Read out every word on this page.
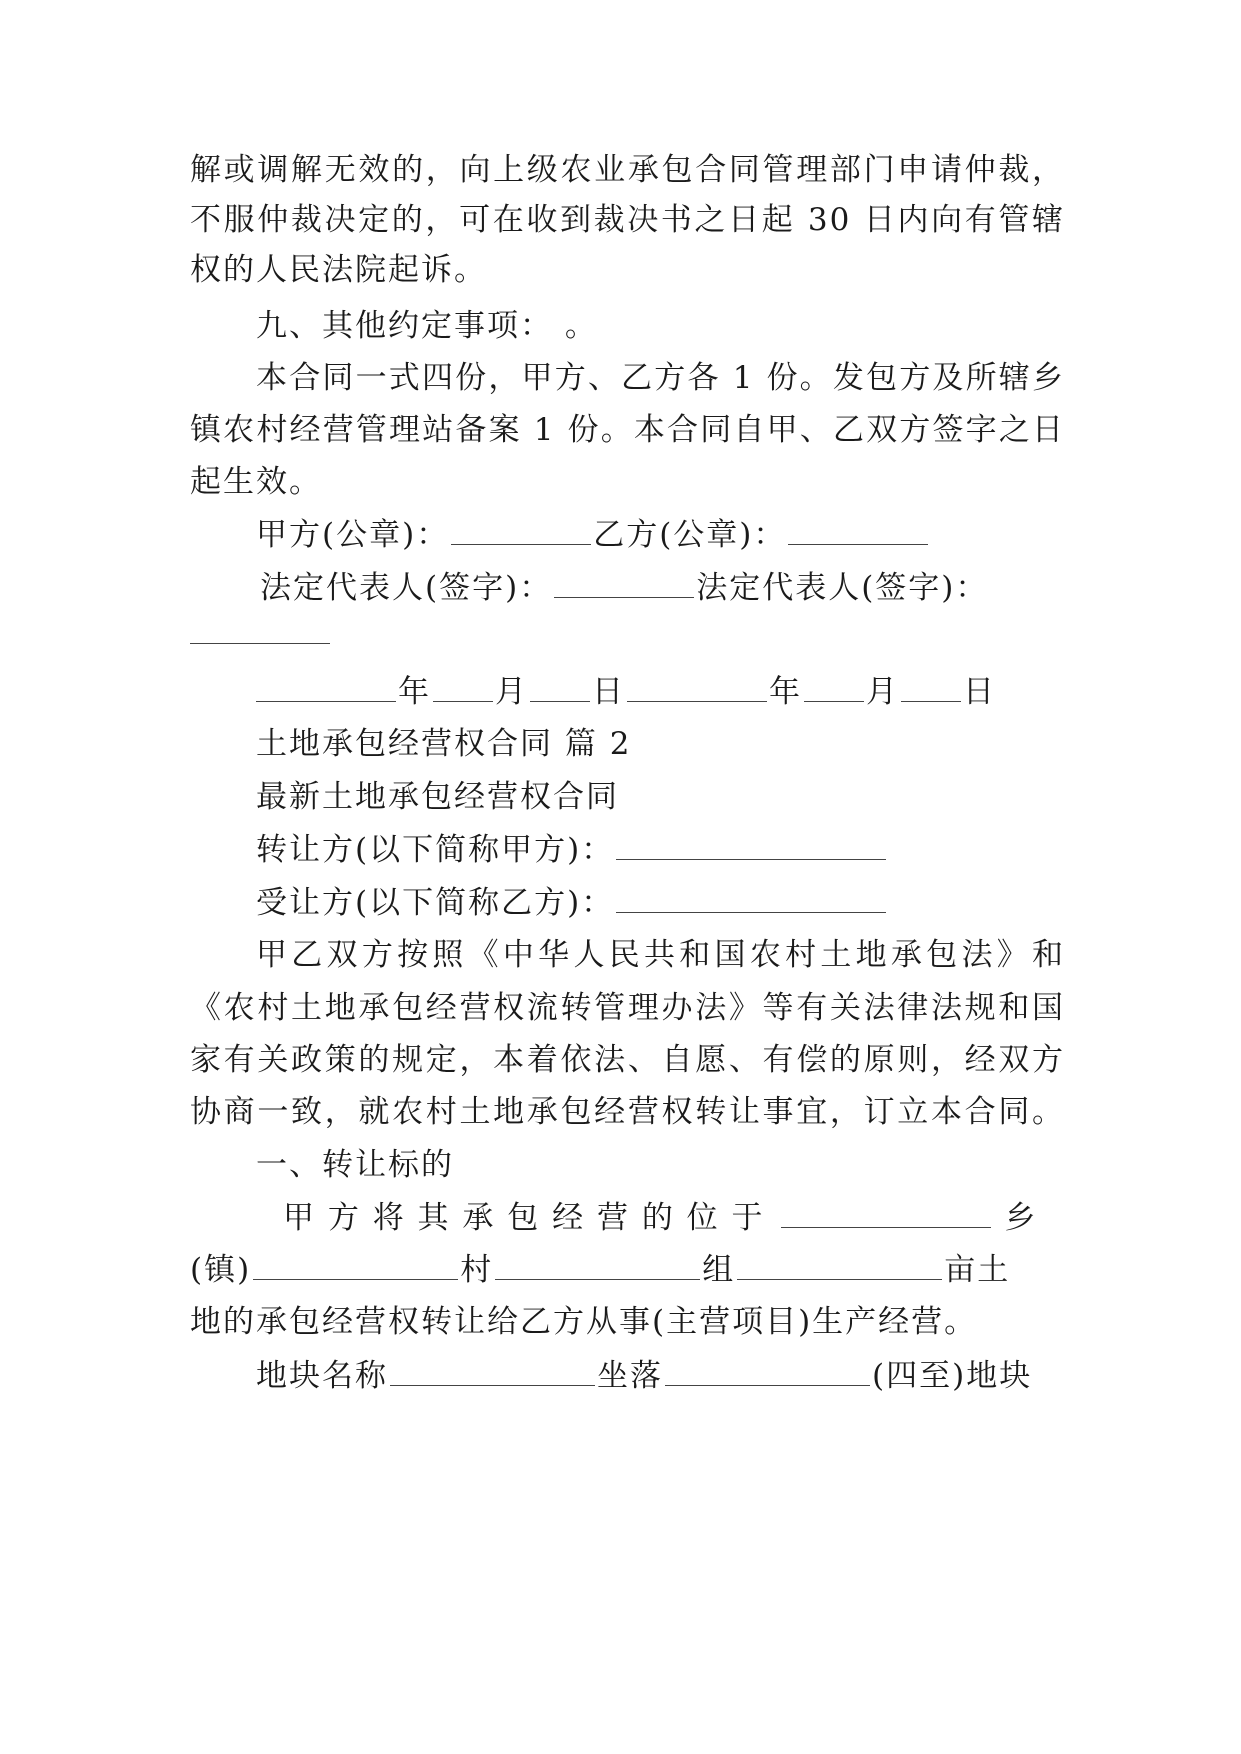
解或调解无效的，向上级农业承包合同管理部门申请仲裁，
不服仲裁决定的，可在收到裁决书之日起 30 日内向有管辖
权的人民法院起诉。
九、其他约定事项： 。
本合同一式四份，甲方、乙方各 1 份。发包方及所辖乡
镇农村经营管理站备案 1 份。本合同自甲、乙双方签字之日
起生效。
甲方(公章)：	乙方(公章)：
法定代表人(签字)：	法定代表人(签字)：
年 月 日	年 月 日
土地承包经营权合同 篇 2
最新土地承包经营权合同
转让方(以下简称甲方)：
受让方(以下简称乙方)：
甲乙双方按照《中华人民共和国农村土地承包法》和
《农村土地承包经营权流转管理办法》等有关法律法规和国
家有关政策的规定，本着依法、自愿、有偿的原则，经双方
协商一致，就农村土地承包经营权转让事宜，订立本合同。
一、转让标的
甲 方 将 其 承 包 经 营 的 位 于	乡
(镇)	村	组	亩土
地的承包经营权转让给乙方从事(主营项目)生产经营。
地块名称	坐落	(四至)地块
